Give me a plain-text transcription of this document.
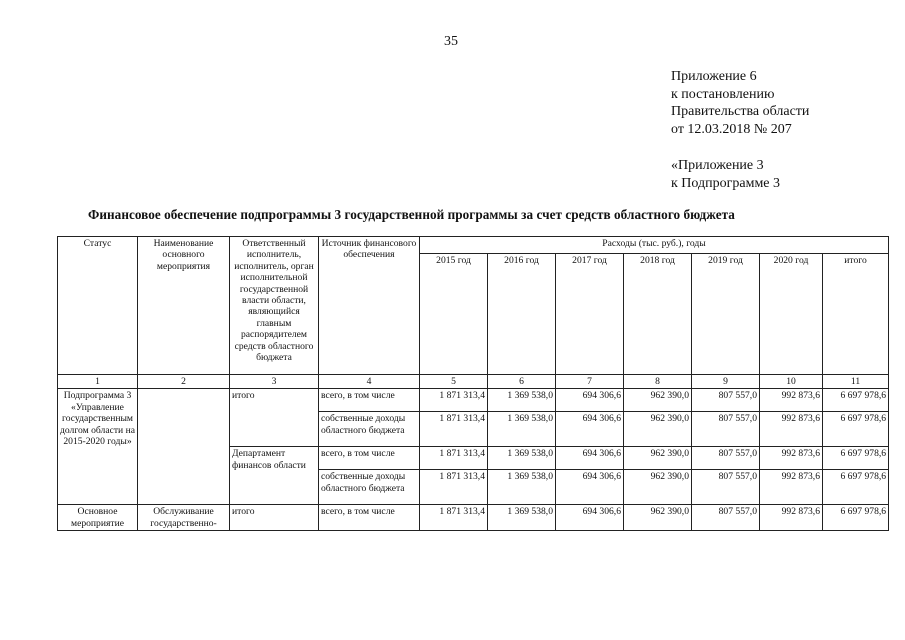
35
Приложение 6
к постановлению
Правительства области
от 12.03.2018 № 207
«Приложение 3
к Подпрограмме 3
Финансовое обеспечение подпрограммы 3 государственной программы за счет средств областного бюджета
Статус	Наименование основного мероприятия	Ответственный исполнитель, исполнитель, орган исполнительной государственной власти области, являющийся главным распорядителем средств областного бюджета	Источник финансового обеспечения	Расходы (тыс. руб.), годы						
				2015 год	2016 год	2017 год	2018 год	2019 год	2020 год	итого
1	2	3	4	5	6	7	8	9	10	11
Подпрограмма 3 «Управление государственным долгом области на 2015-2020 годы»		итого	всего, в том числе	1 871 313,4	1 369 538,0	694 306,6	962 390,0	807 557,0	992 873,6	6 697 978,6
			собственные доходы областного бюджета	1 871 313,4	1 369 538,0	694 306,6	962 390,0	807 557,0	992 873,6	6 697 978,6
		Департамент финансов области	всего, в том числе	1 871 313,4	1 369 538,0	694 306,6	962 390,0	807 557,0	992 873,6	6 697 978,6
			собственные доходы областного бюджета	1 871 313,4	1 369 538,0	694 306,6	962 390,0	807 557,0	992 873,6	6 697 978,6
Основное мероприятие	Обслуживание государственно-	итого	всего, в том числе	1 871 313,4	1 369 538,0	694 306,6	962 390,0	807 557,0	992 873,6	6 697 978,6
